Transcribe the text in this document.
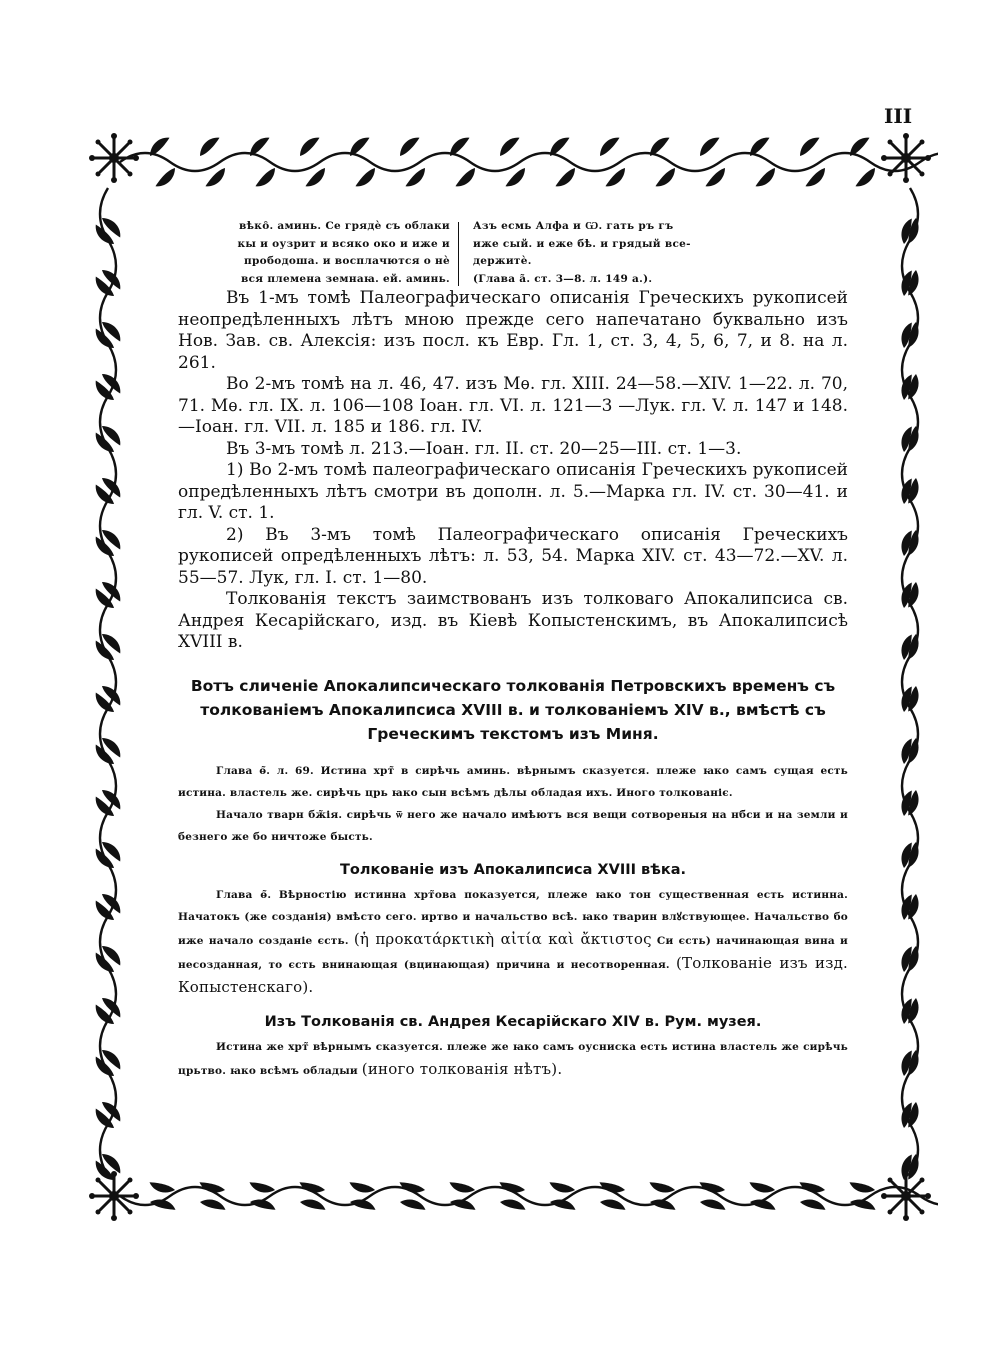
III
вѣко̑. аминь. Се грядѐ съ облаки
кы и оузрит и всяко око и иже и
прободоша. и восплачются о нѐ
вся племена земнаꙗ. ей. аминь.
Азъ есмь Алфа и Ѡ. гать ръ гъ
иже сый. и еже бѣ. и грядый все-
держитѐ.
(Глава а̃. ст. 3—8. л. 149 а.).

Въ 1-мъ томѣ Палеографическаго описанія Греческихъ рукописей неопредѣленныхъ лѣтъ мною прежде сего напечатано буквально изъ Нов. Зав. св. Алексія: изъ посл. къ Евр. Гл. 1, ст. 3, 4, 5, 6, 7, и 8. на л. 261.

Во 2-мъ томѣ на л. 46, 47. изъ Мѳ. гл. XIII. 24—58.—XIV. 1—22. л. 70, 71. Мѳ. гл. IX. л. 106—108 Іоан. гл. VI. л. 121—3 —Лук. гл. V. л. 147 и 148.—Іоан. гл. VII. л. 185 и 186. гл. IV.

Въ 3-мъ томѣ л. 213.—Іоан. гл. II. ст. 20—25—III. ст. 1—3.

1) Во 2-мъ томѣ палеографическаго описанія Греческихъ рукописей опредѣленныхъ лѣтъ смотри въ дополн. л. 5.—Марка гл. IV. ст. 30—41. и гл. V. ст. 1.

2) Въ 3-мъ томѣ Палеографическаго описанія Греческихъ рукописей опредѣленныхъ лѣтъ: л. 53, 54. Марка XIV. ст. 43—72.—XV. л. 55—57. Лук, гл. I. ст. 1—80.

Толкованія текстъ заимствованъ изъ толковаго Апокалипсиса св. Андрея Кесарійскаго, изд. въ Кіевѣ Копыстенскимъ, въ Апокалипсисѣ XVIII в.

Вотъ сличеніе Апокалипсическаго толкованія Петровскихъ временъ съ толкованіемъ Апокалипсиса XVIII в. и толкованіемъ XIV в., вмѣстѣ съ Греческимъ текстомъ изъ Миня.

Глава ѳ̃. л. 69. Истина хрт̃ в сирѣчь аминь. вѣрнымъ сказуется. плеже ꙗко самъ сущая есть истина. властель же. сирѣчь црь ꙗко сын всѣмъ дѣлы обладая ихъ. Иного толкованіє.

Начало тварн бж̃ія. сирѣчь ѿ него же начало имѣютъ вся вещи сотвореныя на нб̃си и на земли и безнего же бо ничтоже бысть.

Толкованіе изъ Апокалипсиса XVIII вѣка.

Глава ѳ̃. Вѣрностію истинна хрт̃ова показуется, плеже ꙗко тон существенная есть истинна. Начатокъ (же созданія) вмѣсто сего. иртво и начальство всѣ. ꙗко тварин влꙋствующее. Начальство бо иже начало созданіе єсть. (ἡ προκατάρκτικὴ αἰτία καὶ ἄκτιστος Си єсть) начинающая вина и несозданная, то єсть внинающая (вцинающая) причина и несотворенная. (Толкованіе изъ изд. Копыстенскаго).

Изъ Толкованія св. Андрея Кесарійскаго XIV в. Рум. музея.

Истина же хрт̃ вѣрнымъ сказуется. плеже же ꙗко самъ оусниска есть истина властель же сирѣчь црьтво. ꙗко всѣмъ обладыи (иного толкованія нѣтъ).
